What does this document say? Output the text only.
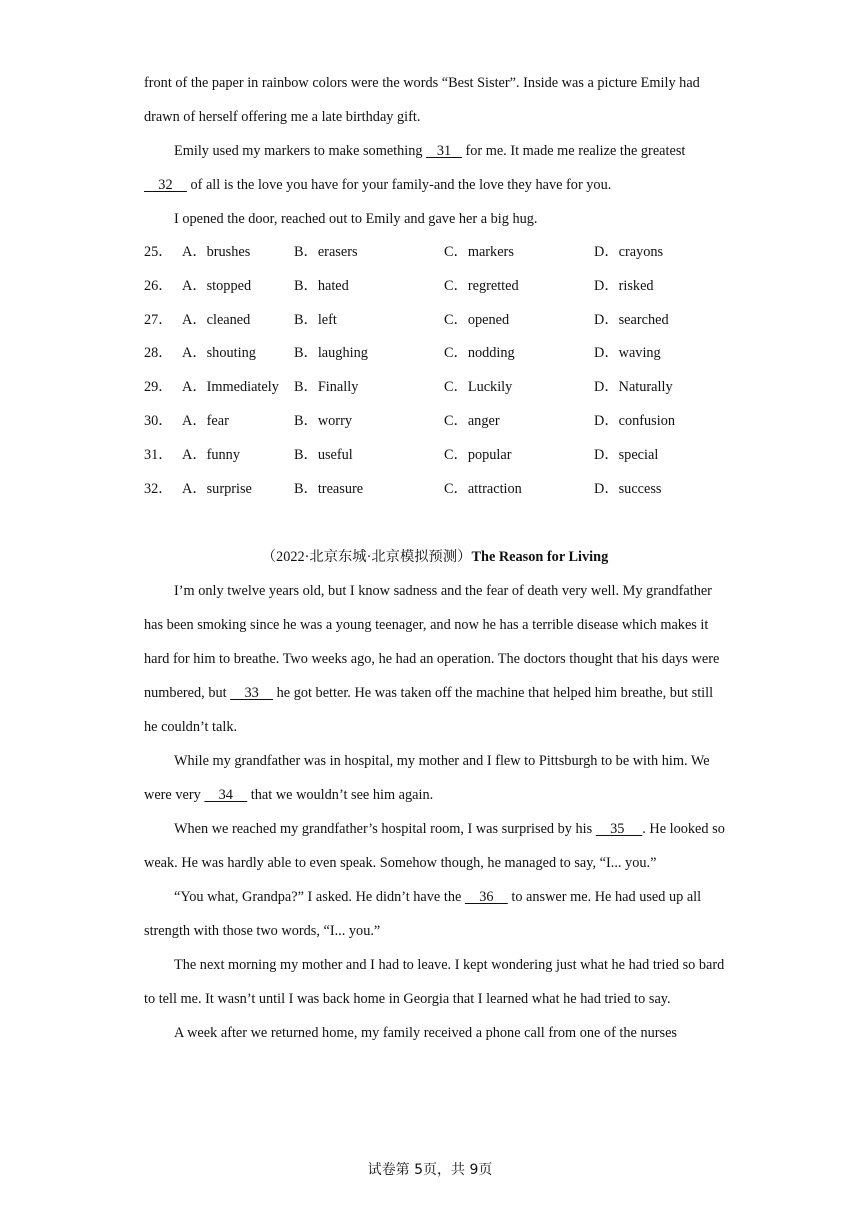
front of the paper in rainbow colors were the words “Best Sister”. Inside was a picture Emily had drawn of herself offering me a late birthday gift.

Emily used my markers to make something    31    for me. It made me realize the greatest     32     of all is the love you have for your family-and the love they have for you.

I opened the door, reached out to Emily and gave her a big hug.

25． A．brushes	B．erasers	C．markers	D．crayons
26． A．stopped	B．hated	C．regretted	D．risked
27． A．cleaned	B．left	C．opened	D．searched
28． A．shouting	B．laughing	C．nodding	D．waving
29． A．Immediately	B．Finally	C．Luckily	D．Naturally
30． A．fear	B．worry	C．anger	D．confusion
31． A．funny	B．useful	C．popular	D．special
32． A．surprise	B．treasure	C．attraction	D．success

（2022·北京东城·北京模拟预测）The Reason for Living

I’m only twelve years old, but I know sadness and the fear of death very well. My grandfather has been smoking since he was a young teenager, and now he has a terrible disease which makes it hard for him to breathe. Two weeks ago, he had an operation. The doctors thought that his days were numbered, but     33     he got better. He was taken off the machine that helped him breathe, but still he couldn’t talk.

While my grandfather was in hospital, my mother and I flew to Pittsburgh to be with him. We were very     34     that we wouldn’t see him again.

When we reached my grandfather’s hospital room, I was surprised by his     35     . He looked so weak. He was hardly able to even speak. Somehow though, he managed to say, “I... you.”

“You what, Grandpa?” I asked. He didn’t have the     36     to answer me. He had used up all strength with those two words, “I... you.”

The next morning my mother and I had to leave. I kept wondering just what he had tried so bard to tell me. It wasn’t until I was back home in Georgia that I learned what he had tried to say.

A week after we returned home, my family received a phone call from one of the nurses

试卷第 5页，共 9页
